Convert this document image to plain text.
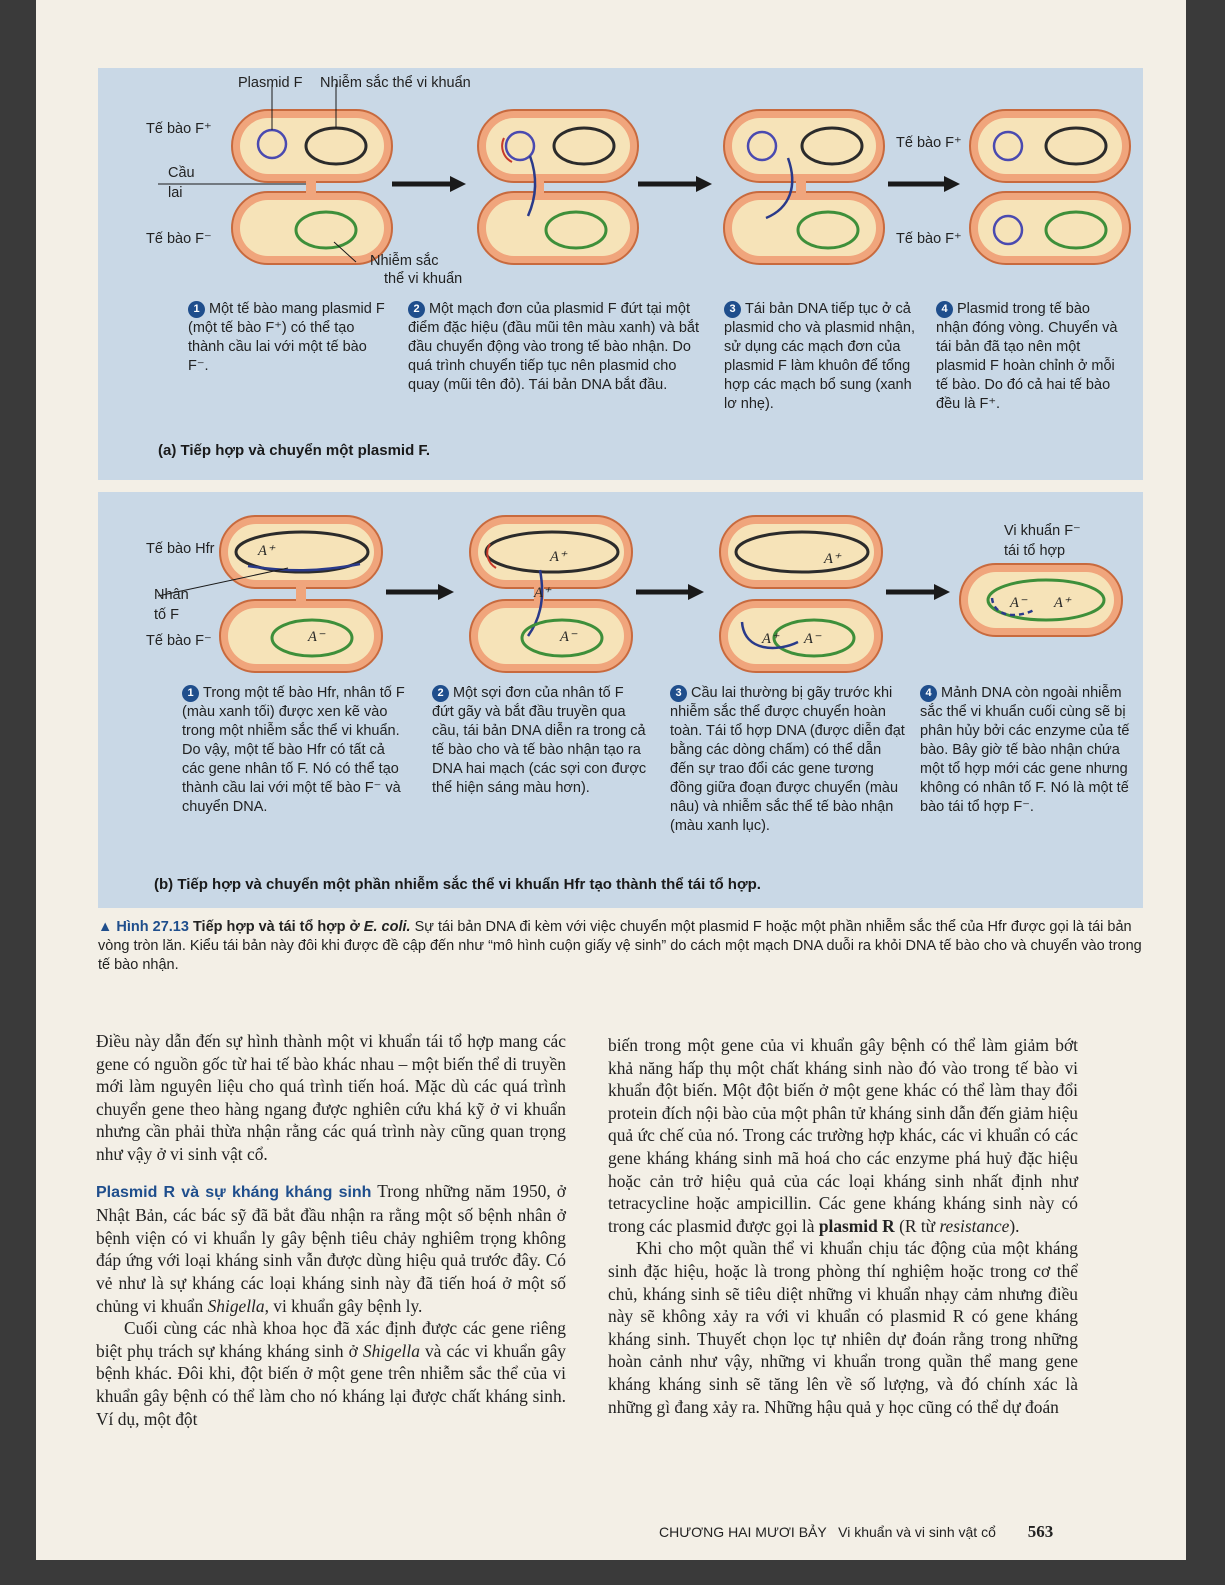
Plasmid F Nhiễm sắc thể vi khuẩn
Tế bào F⁺
Cầu
lai
Tế bào F⁻
Nhiễm sắc
thể vi khuẩn
Tế bào F⁺
Tế bào F⁺
1 Một tế bào mang plasmid F (một tế bào F⁺) có thể tạo thành cầu lai với một tế bào F⁻.
2 Một mạch đơn của plasmid F đứt tại một điểm đặc hiệu (đầu mũi tên màu xanh) và bắt đầu chuyển động vào trong tế bào nhận. Do quá trình chuyển tiếp tục nên plasmid cho quay (mũi tên đỏ). Tái bản DNA bắt đầu.
3 Tái bản DNA tiếp tục ở cả plasmid cho và plasmid nhận, sử dụng các mạch đơn của plasmid F làm khuôn để tổng hợp các mạch bổ sung (xanh lơ nhẹ).
4 Plasmid trong tế bào nhận đóng vòng. Chuyển và tái bản đã tạo nên một plasmid F hoàn chỉnh ở mỗi tế bào. Do đó cả hai tế bào đều là F⁺.
(a) Tiếp hợp và chuyển một plasmid F.
Tế bào Hfr
Nhân
tố F
Tế bào F⁻
Vi khuẩn F⁻
tái tổ hợp
A⁺
A⁻
A⁺
A⁺
A⁻
A⁺
A⁺ A⁻
A⁻ A⁺
1 Trong một tế bào Hfr, nhân tố F (màu xanh tối) được xen kẽ vào trong một nhiễm sắc thể vi khuẩn. Do vậy, một tế bào Hfr có tất cả các gene nhân tố F. Nó có thể tạo thành cầu lai với một tế bào F⁻ và chuyển DNA.
2 Một sợi đơn của nhân tố F đứt gãy và bắt đầu truyền qua cầu, tái bản DNA diễn ra trong cả tế bào cho và tế bào nhận tạo ra DNA hai mạch (các sợi con được thể hiện sáng màu hơn).
3 Cầu lai thường bị gãy trước khi nhiễm sắc thể được chuyển hoàn toàn. Tái tổ hợp DNA (được diễn đạt bằng các dòng chấm) có thể dẫn đến sự trao đổi các gene tương đồng giữa đoạn được chuyển (màu nâu) và nhiễm sắc thể tế bào nhận (màu xanh lục).
4 Mảnh DNA còn ngoài nhiễm sắc thể vi khuẩn cuối cùng sẽ bị phân hủy bởi các enzyme của tế bào. Bây giờ tế bào nhận chứa một tổ hợp mới các gene nhưng không có nhân tố F. Nó là một tế bào tái tổ hợp F⁻.
(b) Tiếp hợp và chuyển một phần nhiễm sắc thể vi khuẩn Hfr tạo thành thể tái tổ hợp.
▲ Hình 27.13 Tiếp hợp và tái tổ hợp ở E. coli. Sự tái bản DNA đi kèm với việc chuyển một plasmid F hoặc một phần nhiễm sắc thể của Hfr được gọi là tái bản vòng tròn lăn. Kiểu tái bản này đôi khi được đề cập đến như “mô hình cuộn giấy vệ sinh” do cách một mạch DNA duỗi ra khỏi DNA tế bào cho và chuyển vào trong tế bào nhận.

Điều này dẫn đến sự hình thành một vi khuẩn tái tổ hợp mang các gene có nguồn gốc từ hai tế bào khác nhau – một biến thể di truyền mới làm nguyên liệu cho quá trình tiến hoá. Mặc dù các quá trình chuyển gene theo hàng ngang được nghiên cứu khá kỹ ở vi khuẩn nhưng cần phải thừa nhận rằng các quá trình này cũng quan trọng như vậy ở vi sinh vật cổ.

Plasmid R và sự kháng kháng sinh Trong những năm 1950, ở Nhật Bản, các bác sỹ đã bắt đầu nhận ra rằng một số bệnh nhân ở bệnh viện có vi khuẩn ly gây bệnh tiêu chảy nghiêm trọng không đáp ứng với loại kháng sinh vẫn được dùng hiệu quả trước đây. Có vẻ như là sự kháng các loại kháng sinh này đã tiến hoá ở một số chủng vi khuẩn Shigella, vi khuẩn gây bệnh ly.

Cuối cùng các nhà khoa học đã xác định được các gene riêng biệt phụ trách sự kháng kháng sinh ở Shigella và các vi khuẩn gây bệnh khác. Đôi khi, đột biến ở một gene trên nhiễm sắc thể của vi khuẩn gây bệnh có thể làm cho nó kháng lại được chất kháng sinh. Ví dụ, một đột

biến trong một gene của vi khuẩn gây bệnh có thể làm giảm bớt khả năng hấp thụ một chất kháng sinh nào đó vào trong tế bào vi khuẩn đột biến. Một đột biến ở một gene khác có thể làm thay đổi protein đích nội bào của một phân tử kháng sinh dẫn đến giảm hiệu quả ức chế của nó. Trong các trường hợp khác, các vi khuẩn có các gene kháng kháng sinh mã hoá cho các enzyme phá huỷ đặc hiệu hoặc cản trở hiệu quả của các loại kháng sinh nhất định như tetracycline hoặc ampicillin. Các gene kháng kháng sinh này có trong các plasmid được gọi là plasmid R (R từ resistance).

Khi cho một quần thể vi khuẩn chịu tác động của một kháng sinh đặc hiệu, hoặc là trong phòng thí nghiệm hoặc trong cơ thể chủ, kháng sinh sẽ tiêu diệt những vi khuẩn nhạy cảm nhưng điều này sẽ không xảy ra với vi khuẩn có plasmid R có gene kháng kháng sinh. Thuyết chọn lọc tự nhiên dự đoán rằng trong những hoàn cảnh như vậy, những vi khuẩn trong quần thể mang gene kháng kháng sinh sẽ tăng lên về số lượng, và đó chính xác là những gì đang xảy ra. Những hậu quả y học cũng có thể dự đoán

CHƯƠNG HAI MƯƠI BẢY Vi khuẩn và vi sinh vật cổ 563
